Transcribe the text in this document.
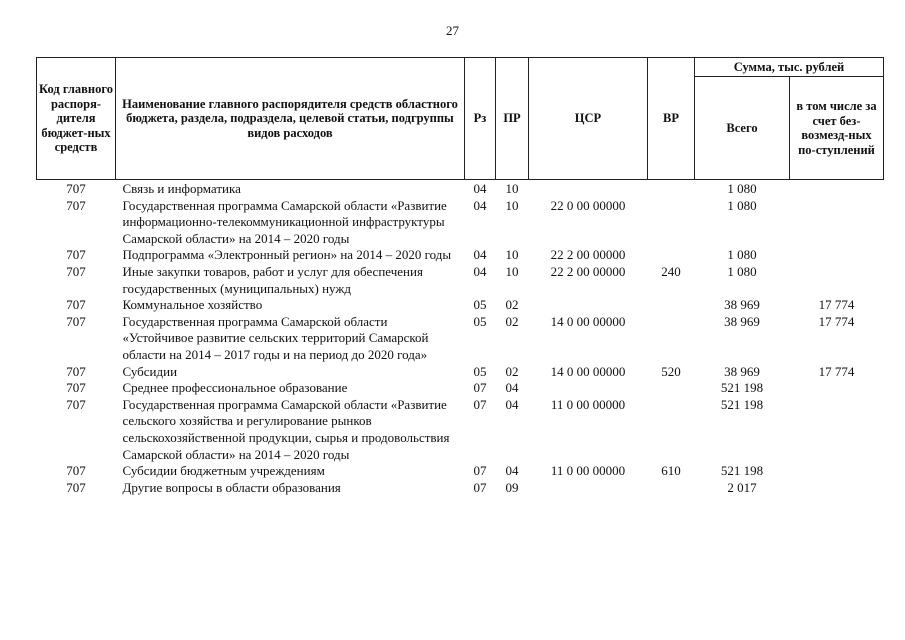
27
Код главного распоря-дителя бюджет-ных средств	Наименование главного распорядителя средств областного бюджета, раздела, подраздела, целевой статьи, подгруппы видов расходов	Рз	ПР	ЦСР	ВР	Сумма, тыс. рублей	
						Всего	в том числе за счет без-возмезд-ных по-ступлений
707	Связь и информатика	04	10			1 080	
707	Государственная программа Самарской области «Развитие информационно-телекоммуникационной инфраструктуры Самарской области» на 2014 – 2020 годы	04	10	22 0 00 00000		1 080	
707	Подпрограмма «Электронный регион» на 2014 – 2020 годы	04	10	22 2 00 00000		1 080	
707	Иные закупки товаров, работ и услуг для обеспечения государственных (муниципальных) нужд	04	10	22 2 00 00000	240	1 080	
707	Коммунальное хозяйство	05	02			38 969	17 774
707	Государственная программа Самарской области «Устойчивое развитие сельских территорий Самарской области на 2014 – 2017 годы и на период до 2020 года»	05	02	14 0 00 00000		38 969	17 774
707	Субсидии	05	02	14 0 00 00000	520	38 969	17 774
707	Среднее профессиональное образование	07	04			521 198	
707	Государственная программа Самарской области «Развитие сельского хозяйства и регулирование рынков сельскохозяйственной продукции, сырья и продовольствия Самарской области» на 2014 – 2020 годы	07	04	11 0 00 00000		521 198	
707	Субсидии бюджетным учреждениям	07	04	11 0 00 00000	610	521 198	
707	Другие вопросы в области образования	07	09			2 017	
